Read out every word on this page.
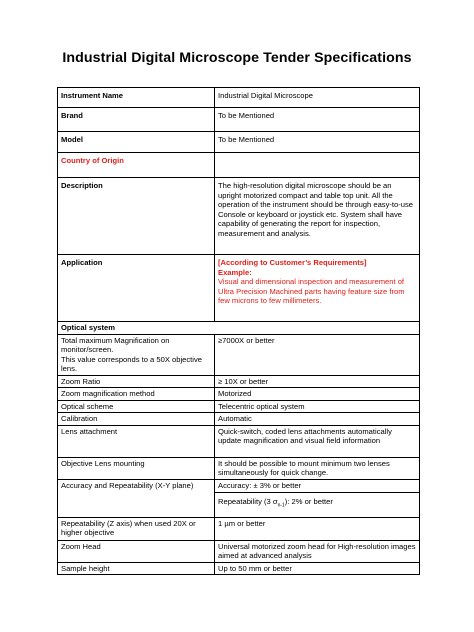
Industrial Digital Microscope Tender Specifications
Instrument Name	Industrial Digital Microscope
Brand	To be Mentioned
Model	To be Mentioned
Country of Origin	
Description	The high-resolution digital microscope should be an upright motorized compact and table top unit. All the operation of the instrument should be through easy-to-use Console or keyboard or joystick etc. System shall have capability of generating the report for inspection, measurement and analysis.
Application	[According to Customer’s Requirements]
Example:
Visual and dimensional inspection and measurement of Ultra Precision Machined parts having feature size from few microns to few millimeters.

Optical system	
Total maximum Magnification on monitor/screen.
This value corresponds to a 50X objective lens.	≥7000X or better
Zoom Ratio	≥ 10X or better
Zoom magnification method	Motorized
Optical scheme	Telecentric optical system
Calibration	Automatic
Lens attachment	Quick-switch, coded lens attachments automatically update magnification and visual field information
Objective Lens mounting	It should be possible to mount minimum two lenses simultaneously for quick change.
Accuracy and Repeatability (X-Y plane)	Accuracy: ± 3% or better
Repeatability (3 $\sigma_{n-1}$): 2% or better

Repeatability (Z axis) when used 20X or higher objective	1 µm or better
Zoom Head	Universal motorized zoom head for High-resolution images aimed at advanced analysis
Sample height	Up to 50 mm or better
